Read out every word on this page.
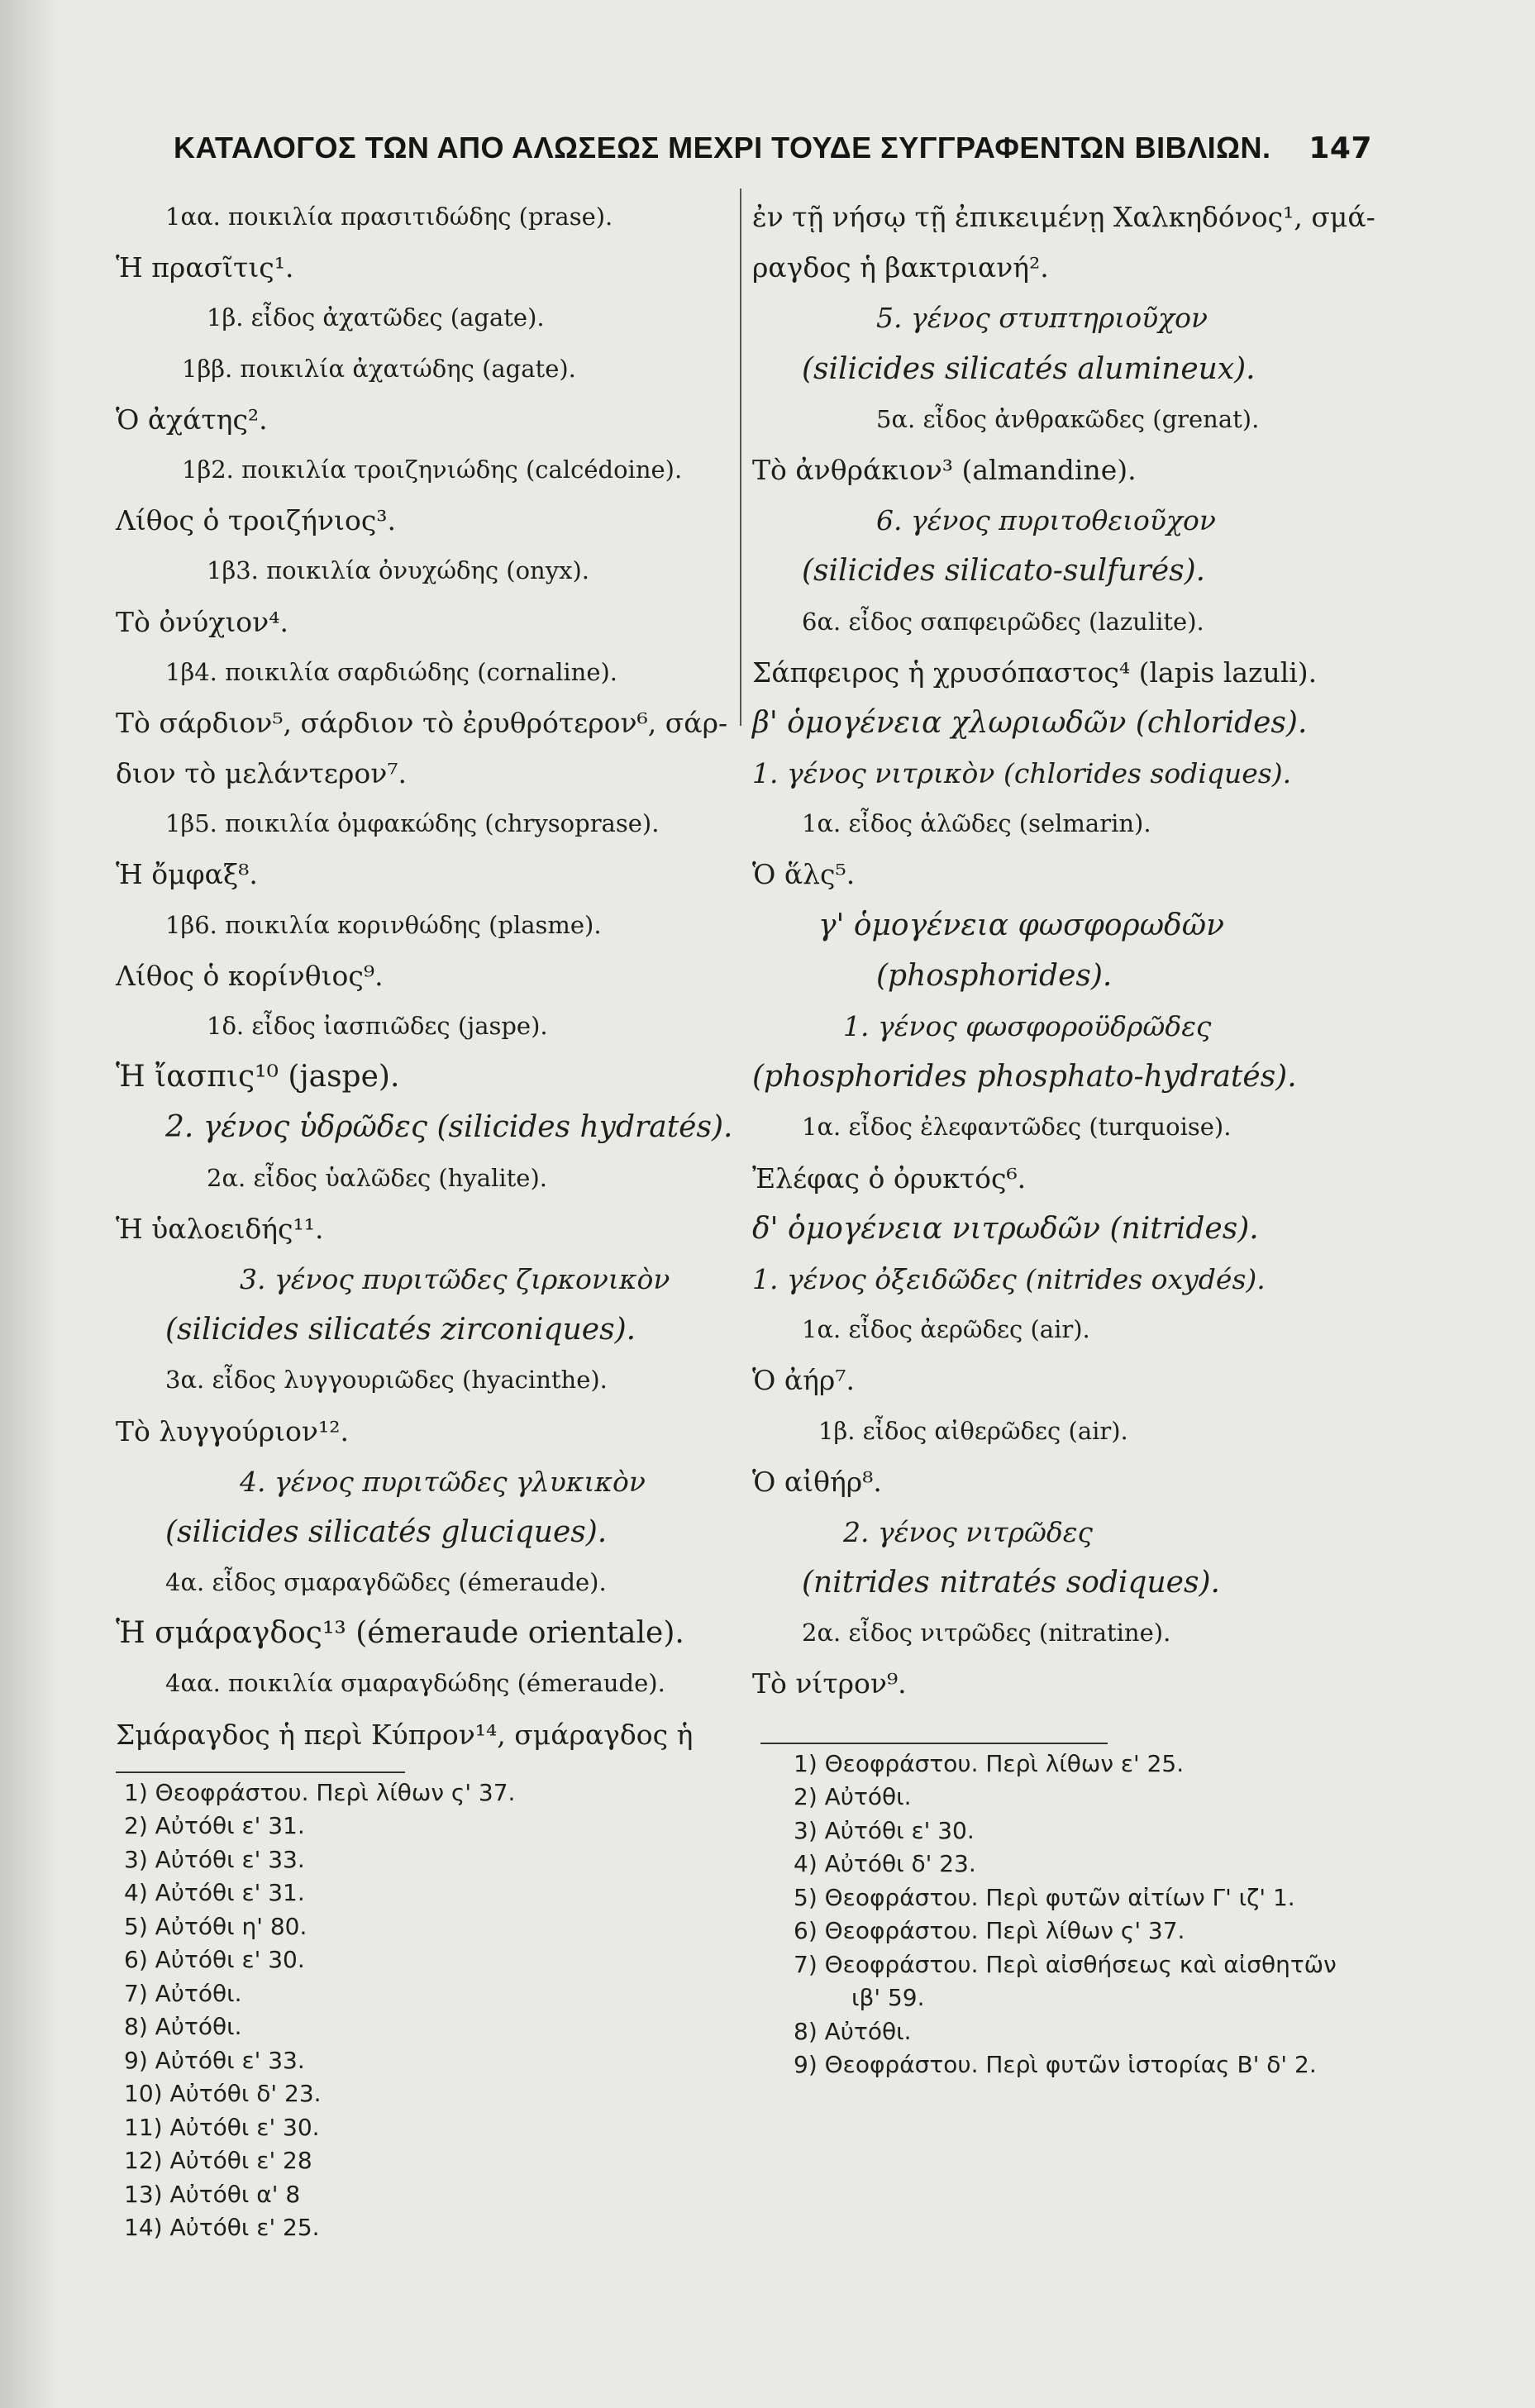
ΚΑΤΑΛΟΓΟΣ ΤΩΝ ΑΠΟ ΑΛΩΣΕΩΣ ΜΕΧΡΙ ΤΟΥΔΕ ΣΥΓΓΡΑΦΕΝΤΩΝ ΒΙΒΛΙΩΝ. 147
1αα. ποικιλία πρασιτιδώδης (prase).
Ἡ πρασῖτις¹.
1β. εἶδος ἀχατῶδες (agate).
1ββ. ποικιλία ἀχατώδης (agate).
Ὁ ἀχάτης².
1β2. ποικιλία τροιζηνιώδης (calcédoine).
Λίθος ὁ τροιζήνιος³.
1β3. ποικιλία ὀνυχώδης (onyx).
Τὸ ὀνύχιον⁴.
1β4. ποικιλία σαρδιώδης (cornaline).
Τὸ σάρδιον⁵, σάρδιον τὸ ἐρυθρότερον⁶, σάρ-
διον τὸ μελάντερον⁷.
1β5. ποικιλία ὀμφακώδης (chrysoprase).
Ἡ ὄμφαξ⁸.
1β6. ποικιλία κορινθώδης (plasme).
Λίθος ὁ κορίνθιος⁹.
1δ. εἶδος ἰασπιῶδες (jaspe).
Ἡ ἴασπις¹⁰ (jaspe).
2. γένος ὑδρῶδες (silicides hydratés).
2α. εἶδος ὑαλῶδες (hyalite).
Ἡ ὑαλοειδής¹¹.
3. γένος πυριτῶδες ζιρκονικὸν
(silicides silicatés zirconiques).
3α. εἶδος λυγγουριῶδες (hyacinthe).
Τὸ λυγγούριον¹².
4. γένος πυριτῶδες γλυκικὸν
(silicides silicatés gluciques).
4α. εἶδος σμαραγδῶδες (émeraude).
Ἡ σμάραγδος¹³ (émeraude orientale).
4αα. ποικιλία σμαραγδώδης (émeraude).
Σμάραγδος ἡ περὶ Κύπρον¹⁴, σμάραγδος ἡ
1) Θεοφράστου. Περὶ λίθων ς' 37.
2) Αὐτόθι ε' 31.
3) Αὐτόθι ε' 33.
4) Αὐτόθι ε' 31.
5) Αὐτόθι η' 80.
6) Αὐτόθι ε' 30.
7) Αὐτόθι.
8) Αὐτόθι.
9) Αὐτόθι ε' 33.
10) Αὐτόθι δ' 23.
11) Αὐτόθι ε' 30.
12) Αὐτόθι ε' 28
13) Αὐτόθι α' 8
14) Αὐτόθι ε' 25.
ἐν τῇ νήσῳ τῇ ἐπικειμένῃ Χαλκηδόνος¹, σμά-
ραγδος ἡ βακτριανή².
5. γένος στυπτηριοῦχον
(silicides silicatés alumineux).
5α. εἶδος ἀνθρακῶδες (grenat).
Τὸ ἀνθράκιον³ (almandine).
6. γένος πυριτοθειοῦχον
(silicides silicato-sulfurés).
6α. εἶδος σαπφειρῶδες (lazulite).
Σάπφειρος ἡ χρυσόπαστος⁴ (lapis lazuli).
β' ὁμογένεια χλωριωδῶν (chlorides).
1. γένος νιτρικὸν (chlorides sodiques).
1α. εἶδος ἁλῶδες (selmarin).
Ὁ ἅλς⁵.
γ' ὁμογένεια φωσφορωδῶν
(phosphorides).
1. γένος φωσφοροϋδρῶδες
(phosphorides phosphato-hydratés).
1α. εἶδος ἐλεφαντῶδες (turquoise).
Ἐλέφας ὁ ὀρυκτός⁶.
δ' ὁμογένεια νιτρωδῶν (nitrides).
1. γένος ὀξειδῶδες (nitrides oxydés).
1α. εἶδος ἀερῶδες (air).
Ὁ ἀήρ⁷.
1β. εἶδος αἰθερῶδες (air).
Ὁ αἰθήρ⁸.
2. γένος νιτρῶδες
(nitrides nitratés sodiques).
2α. εἶδος νιτρῶδες (nitratine).
Τὸ νίτρον⁹.
1) Θεοφράστου. Περὶ λίθων ε' 25.
2) Αὐτόθι.
3) Αὐτόθι ε' 30.
4) Αὐτόθι δ' 23.
5) Θεοφράστου. Περὶ φυτῶν αἰτίων Γ' ιζ' 1.
6) Θεοφράστου. Περὶ λίθων ς' 37.
7) Θεοφράστου. Περὶ αἰσθήσεως καὶ αἰσθητῶν
ιβ' 59.
8) Αὐτόθι.
9) Θεοφράστου. Περὶ φυτῶν ἱστορίας Β' δ' 2.
